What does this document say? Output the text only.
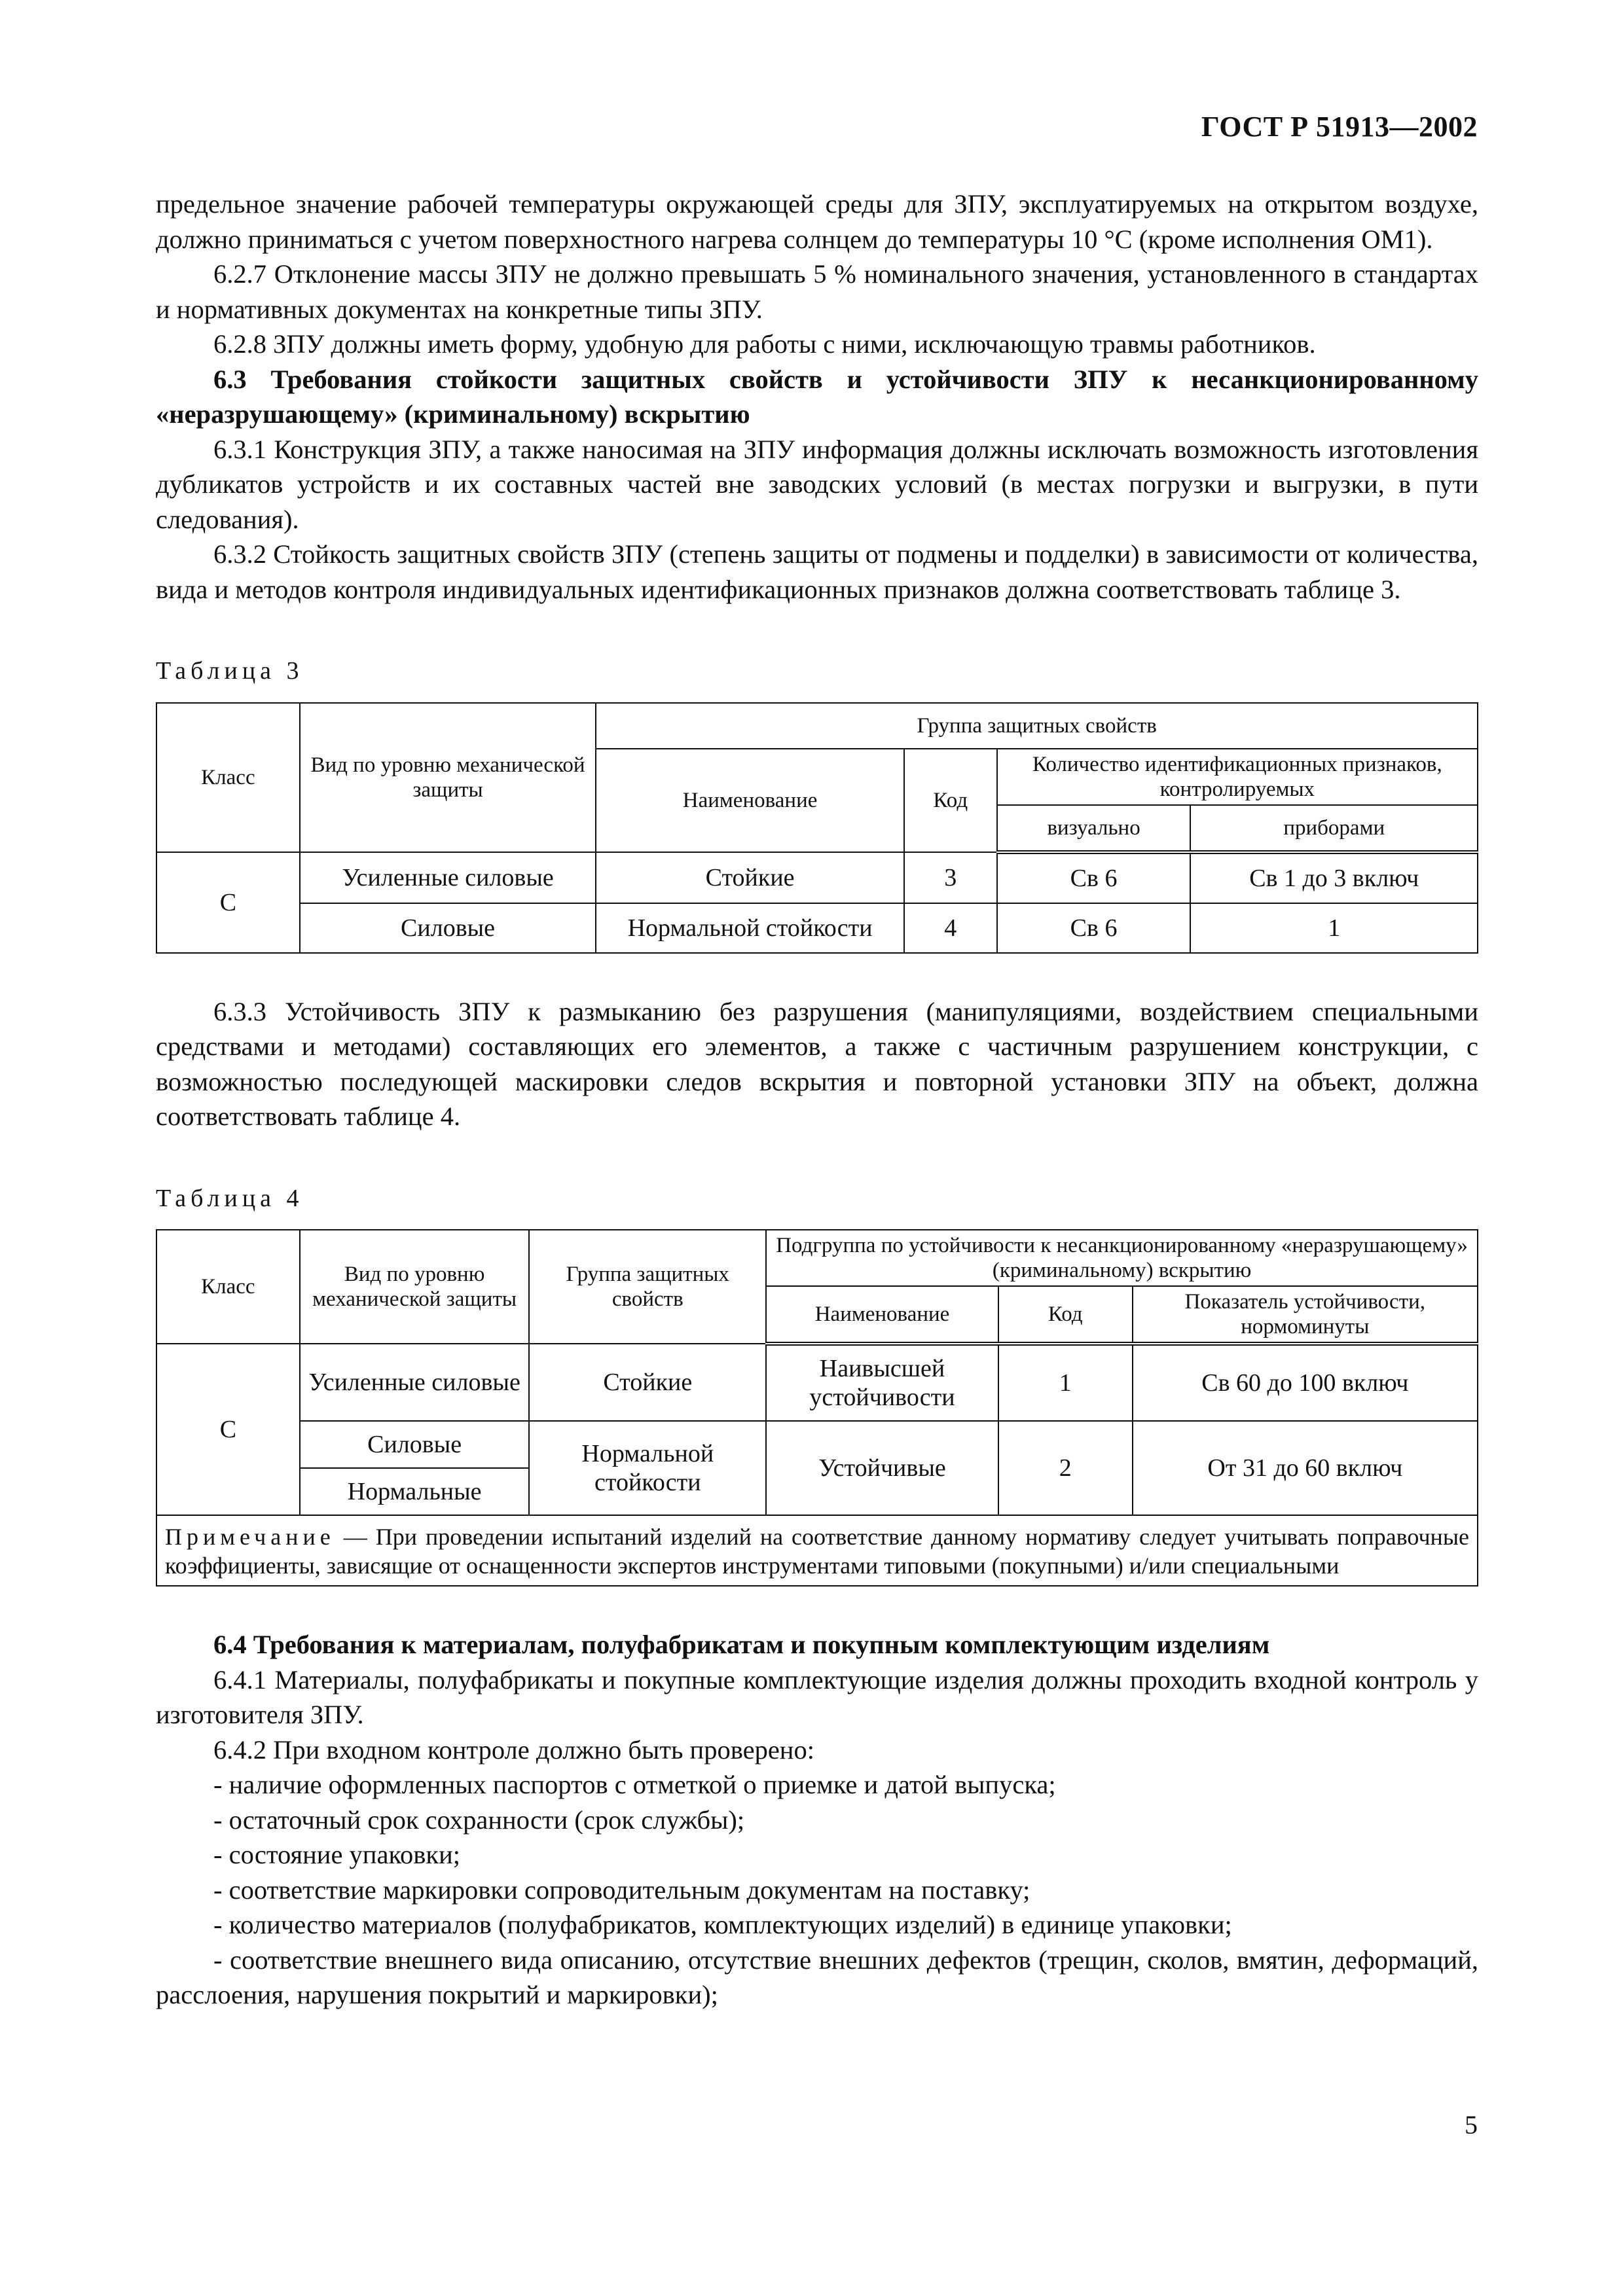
ГОСТ Р 51913—2002

предельное значение рабочей температуры окружающей среды для ЗПУ, эксплуатируемых на открытом воздухе, должно приниматься с учетом поверхностного нагрева солнцем до температуры 10 °С (кроме исполнения ОМ1).

6.2.7 Отклонение массы ЗПУ не должно превышать 5 % номинального значения, установленного в стандартах и нормативных документах на конкретные типы ЗПУ.

6.2.8 ЗПУ должны иметь форму, удобную для работы с ними, исключающую травмы работников.

6.3 Требования стойкости защитных свойств и устойчивости ЗПУ к несанкционированному «неразрушающему» (криминальному) вскрытию

6.3.1 Конструкция ЗПУ, а также наносимая на ЗПУ информация должны исключать возможность изготовления дубликатов устройств и их составных частей вне заводских условий (в местах погрузки и выгрузки, в пути следования).

6.3.2 Стойкость защитных свойств ЗПУ (степень защиты от подмены и подделки) в зависимости от количества, вида и методов контроля индивидуальных идентификационных признаков должна соответствовать таблице 3.

Таблица 3
Класс	Вид по уровню механической защиты	Группа защитных свойств			
		Наименование	Код	Количество идентификационных признаков, контролируемых	
				визуально	приборами
С	Усиленные силовые	Стойкие	3	Св 6	Св 1 до 3 включ
	Силовые	Нормальной стойкости	4	Св 6	1

6.3.3 Устойчивость ЗПУ к размыканию без разрушения (манипуляциями, воздействием специальными средствами и методами) составляющих его элементов, а также с частичным разрушением конструкции, с возможностью последующей маскировки следов вскрытия и повторной установки ЗПУ на объект, должна соответствовать таблице 4.

Таблица 4
Класс	Вид по уровню механической защиты	Группа защитных свойств	Подгруппа по устойчивости к несанкционированному «неразрушающему» (криминальному) вскрытию		
			Наименование	Код	Показатель устойчивости, нормоминуты
С	Усиленные силовые	Стойкие	Наивысшей устойчивости	1	Св 60 до 100 включ
	Силовые	Нормальной стойкости	Устойчивые	2	От 31 до 60 включ
	Нормальные				
Примечание — При проведении испытаний изделий на соответствие данному нормативу следует учитывать поправочные коэффициенты, зависящие от оснащенности экспертов инструментами типовыми (покупными) и/или специальными					

6.4 Требования к материалам, полуфабрикатам и покупным комплектующим изделиям

6.4.1 Материалы, полуфабрикаты и покупные комплектующие изделия должны проходить входной контроль у изготовителя ЗПУ.

6.4.2 При входном контроле должно быть проверено:

- наличие оформленных паспортов с отметкой о приемке и датой выпуска;

- остаточный срок сохранности (срок службы);

- состояние упаковки;

- соответствие маркировки сопроводительным документам на поставку;

- количество материалов (полуфабрикатов, комплектующих изделий) в единице упаковки;

- соответствие внешнего вида описанию, отсутствие внешних дефектов (трещин, сколов, вмятин, деформаций, расслоения, нарушения покрытий и маркировки);

5
